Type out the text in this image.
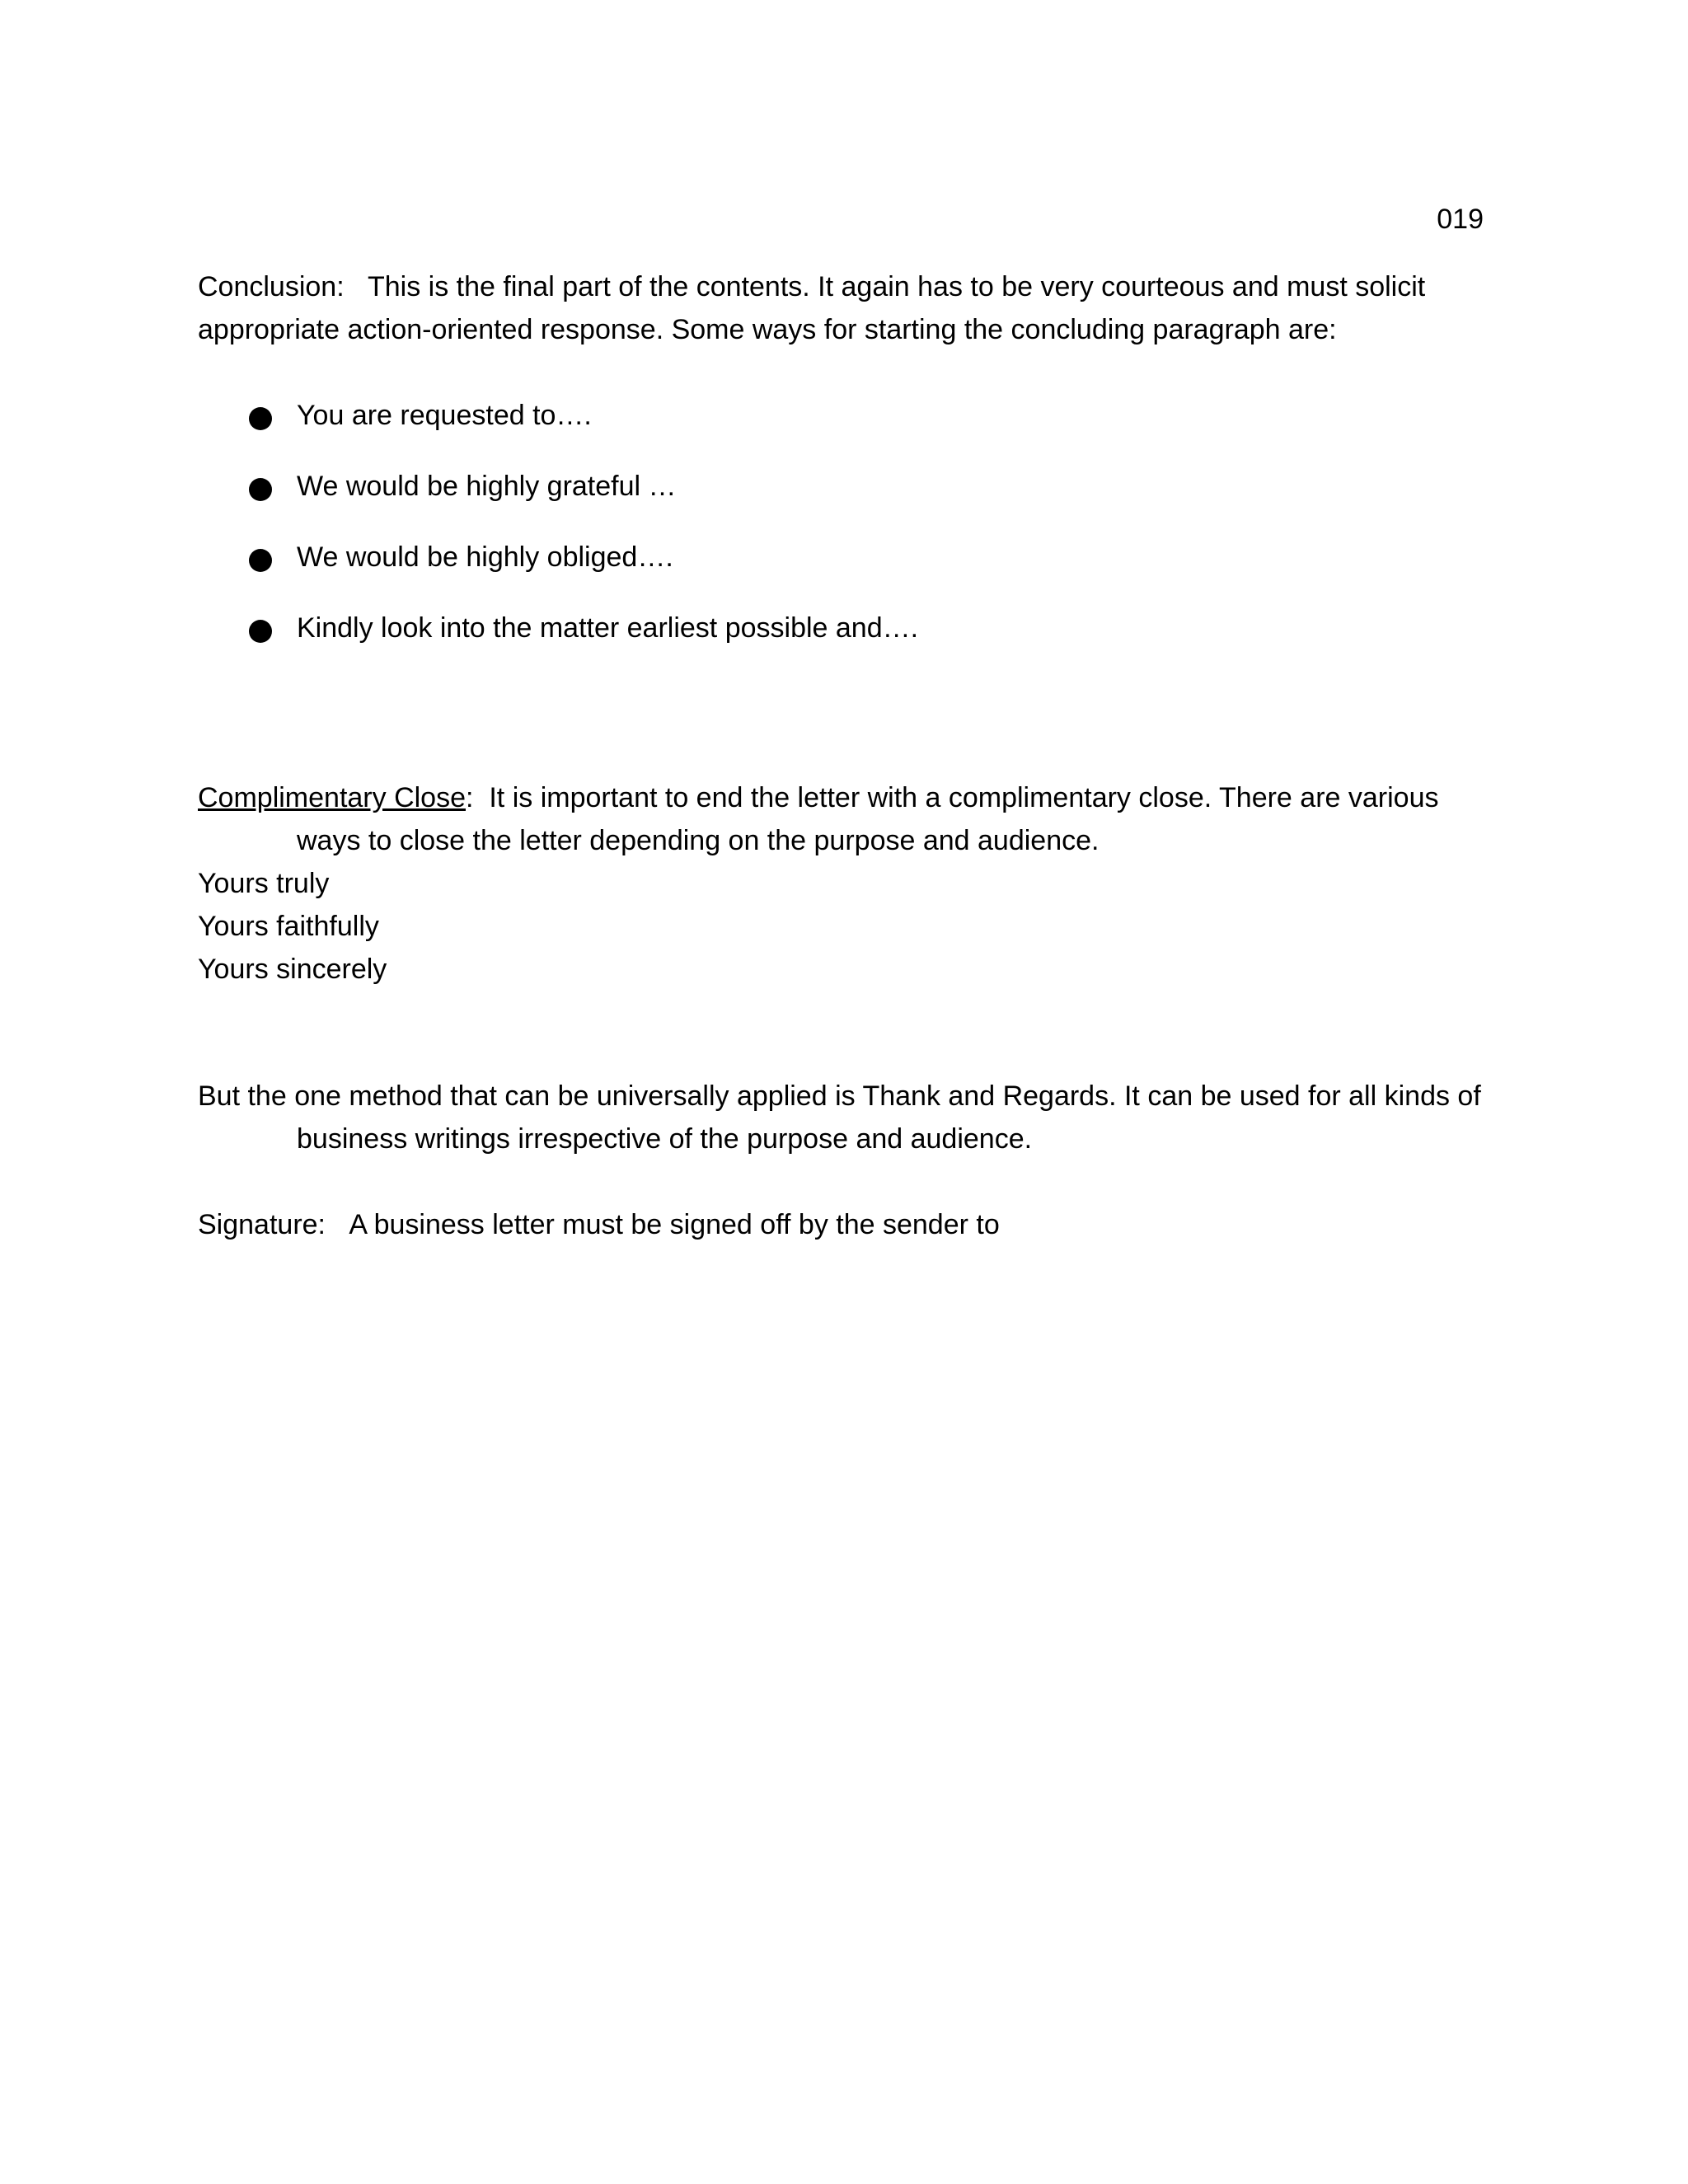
019

Conclusion: This is the final part of the contents. It again has to be very courteous and must solicit appropriate action-oriented response. Some ways for starting the concluding paragraph are:

You are requested to….
We would be highly grateful …
We would be highly obliged….
Kindly look into the matter earliest possible and….

Complimentary Close: It is important to end the letter with a complimentary close. There are various ways to close the letter depending on the purpose and audience.

Yours truly
Yours faithfully
Yours sincerely

But the one method that can be universally applied is Thank and Regards. It can be used for all kinds of business writings irrespective of the purpose and audience.

Signature: A business letter must be signed off by the sender to
